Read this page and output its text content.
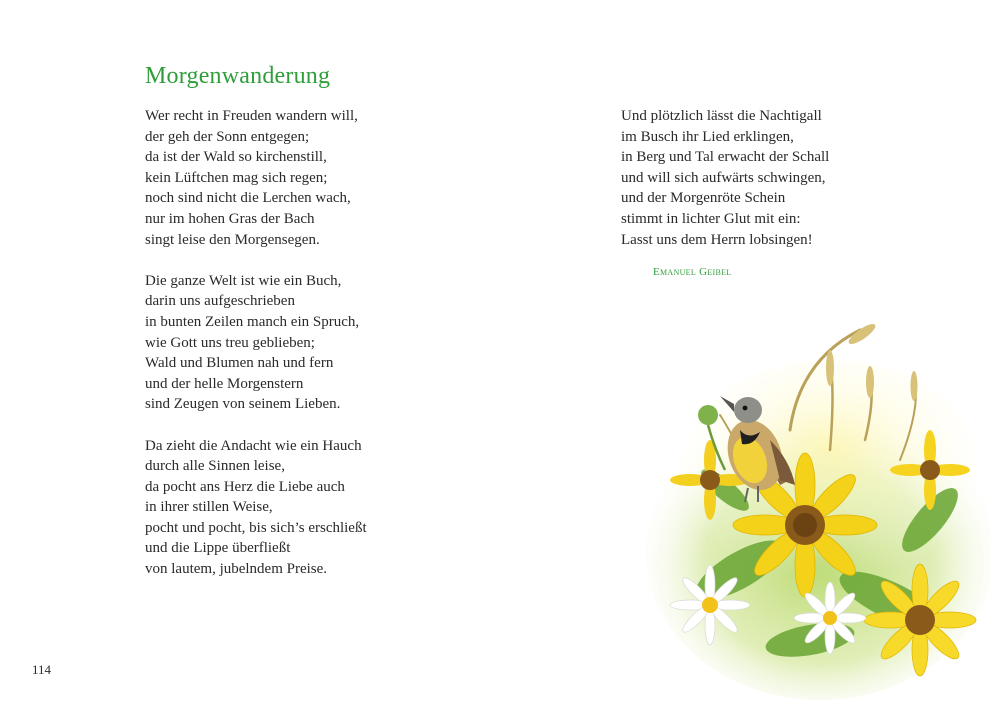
Morgenwanderung

Wer recht in Freuden wandern will,
der geh der Sonn entgegen;
da ist der Wald so kirchenstill,
kein Lüftchen mag sich regen;
noch sind nicht die Lerchen wach,
nur im hohen Gras der Bach
singt leise den Morgensegen.

Die ganze Welt ist wie ein Buch,
darin uns aufgeschrieben
in bunten Zeilen manch ein Spruch,
wie Gott uns treu geblieben;
Wald und Blumen nah und fern
und der helle Morgenstern
sind Zeugen von seinem Lieben.

Da zieht die Andacht wie ein Hauch
durch alle Sinnen leise,
da pocht ans Herz die Liebe auch
in ihrer stillen Weise,
pocht und pocht, bis sich’s erschließt
und die Lippe überfließt
von lautem, jubelndem Preise.

Und plötzlich lässt die Nachtigall
im Busch ihr Lied erklingen,
in Berg und Tal erwacht der Schall
und will sich aufwärts schwingen,
und der Morgenröte Schein
stimmt in lichter Glut mit ein:
Lasst uns dem Herrn lobsingen!

Emanuel Geibel
114
